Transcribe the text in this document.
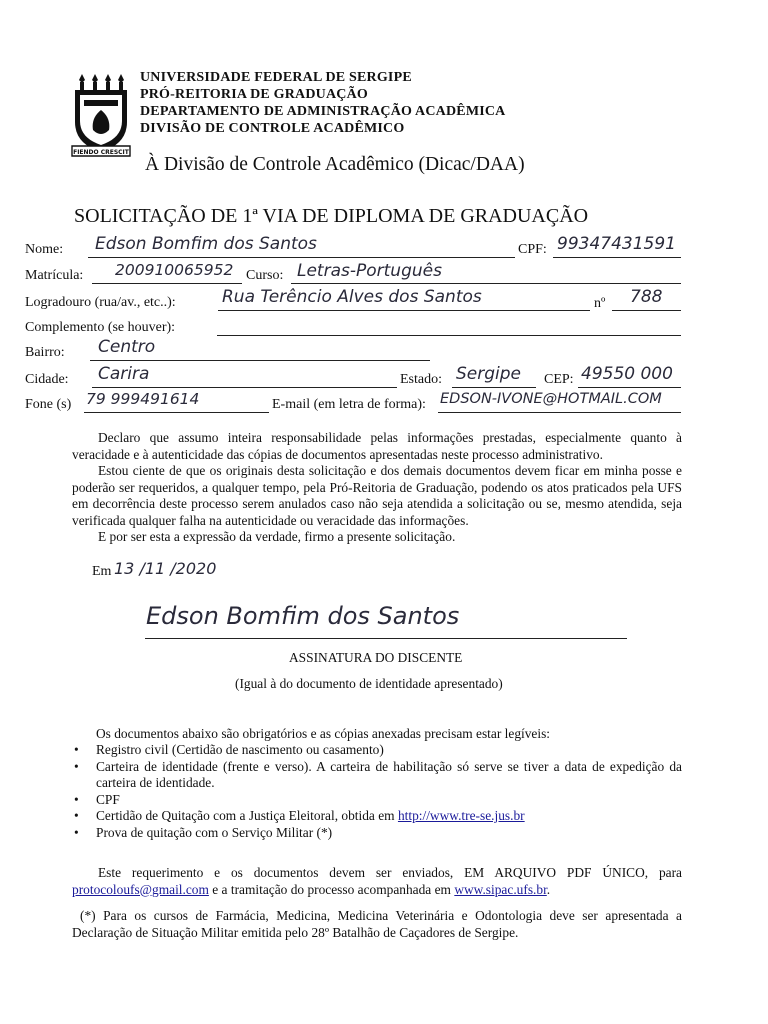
FIENDO CRESCIT
UNIVERSIDADE FEDERAL DE SERGIPE
PRÓ-REITORIA DE GRADUAÇÃO
DEPARTAMENTO DE ADMINISTRAÇÃO ACADÊMICA
DIVISÃO DE CONTROLE ACADÊMICO
À Divisão de Controle Acadêmico (Dicac/DAA)
SOLICITAÇÃO DE 1ª VIA DE DIPLOMA DE GRADUAÇÃO
Nome: Edson Bomfim dos Santos	CPF: 99347431591
Matrícula: 200910065952 Curso: Letras-Português
Logradouro (rua/av., etc..):	Rua Terêncio Alves dos Santos	nº 788
Complemento (se houver):
Bairro: Centro
Cidade: Carira	Estado: Sergipe CEP: 49550 000
Fone (s) 79 999491614	E-mail (em letra de forma): EDSON-IVONE@HOTMAIL.COM

Declaro que assumo inteira responsabilidade pelas informações prestadas, especialmente quanto à veracidade e à autenticidade das cópias de documentos apresentadas neste processo administrativo.

Estou ciente de que os originais desta solicitação e dos demais documentos devem ficar em minha posse e poderão ser requeridos, a qualquer tempo, pela Pró-Reitoria de Graduação, podendo os atos praticados pela UFS em decorrência deste processo serem anulados caso não seja atendida a solicitação ou se, mesmo atendida, seja verificada qualquer falha na autenticidade ou veracidade das informações.

E por ser esta a expressão da verdade, firmo a presente solicitação.

Em 13 /11 /2020
Edson Bomfim dos Santos
ASSINATURA DO DISCENTE
(Igual à do documento de identidade apresentado)
Os documentos abaixo são obrigatórios e as cópias anexadas precisam estar legíveis:
• Registro civil (Certidão de nascimento ou casamento)
• Carteira de identidade (frente e verso). A carteira de habilitação só serve se tiver a data de expedição da carteira de identidade.
• CPF
• Certidão de Quitação com a Justiça Eleitoral, obtida em http://www.tre-se.jus.br
• Prova de quitação com o Serviço Militar (*)

Este requerimento e os documentos devem ser enviados, EM ARQUIVO PDF ÚNICO, para protocoloufs@gmail.com e a tramitação do processo acompanhada em www.sipac.ufs.br.

(*) Para os cursos de Farmácia, Medicina, Medicina Veterinária e Odontologia deve ser apresentada a Declaração de Situação Militar emitida pelo 28º Batalhão de Caçadores de Sergipe.
